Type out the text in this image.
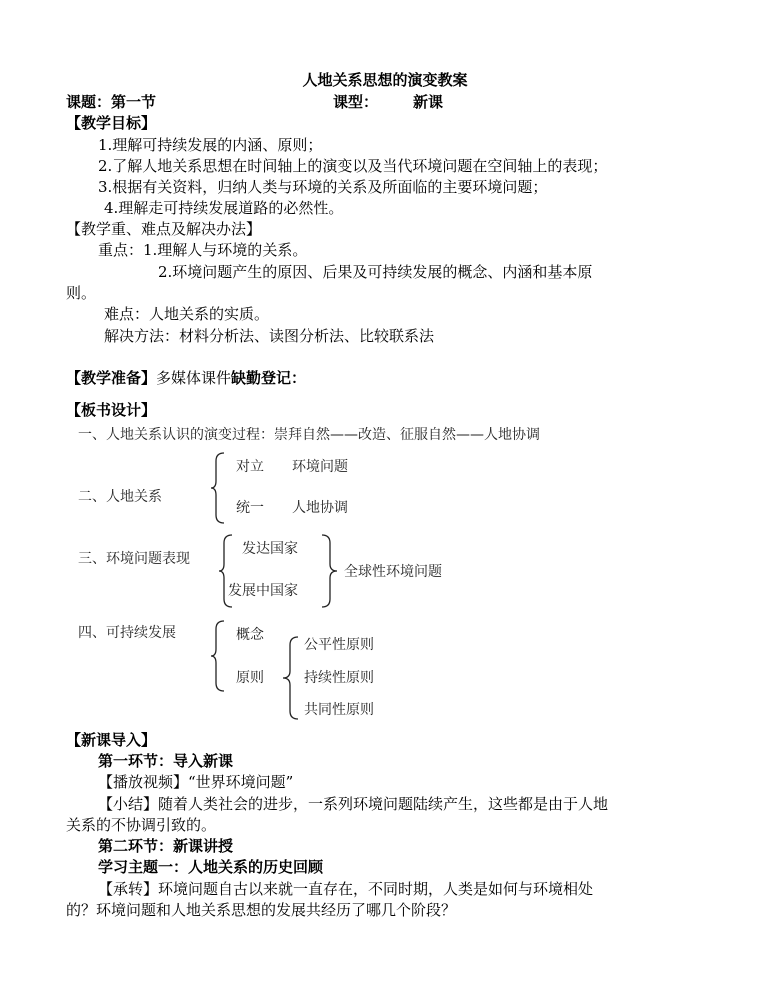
人地关系思想的演变教案
课题：第一节	课型： 新课
【教学目标】
1.理解可持续发展的内涵、原则；
2.了解人地关系思想在时间轴上的演变以及当代环境问题在空间轴上的表现；
3.根据有关资料，归纳人类与环境的关系及所面临的主要环境问题；
4.理解走可持续发展道路的必然性。
【教学重、难点及解决办法】
重点：1.理解人与环境的关系。
2.环境问题产生的原因、后果及可持续发展的概念、内涵和基本原
则。
难点：人地关系的实质。
解决方法：材料分析法、读图分析法、比较联系法
【教学准备】多媒体课件缺勤登记：
【板书设计】
一、人地关系认识的演变过程：崇拜自然——改造、征服自然——人地协调
二、人地关系
对立 环境问题
统一 人地协调
三、环境问题表现
发达国家
发展中国家
全球性环境问题
四、可持续发展	概念
原则
公平性原则
持续性原则
共同性原则
【新课导入】
第一环节：导入新课
【播放视频】“世界环境问题”
【小结】随着人类社会的进步，一系列环境问题陆续产生，这些都是由于人地
关系的不协调引致的。
第二环节：新课讲授
学习主题一：人地关系的历史回顾
【承转】环境问题自古以来就一直存在，不同时期，人类是如何与环境相处
的？环境问题和人地关系思想的发展共经历了哪几个阶段？
